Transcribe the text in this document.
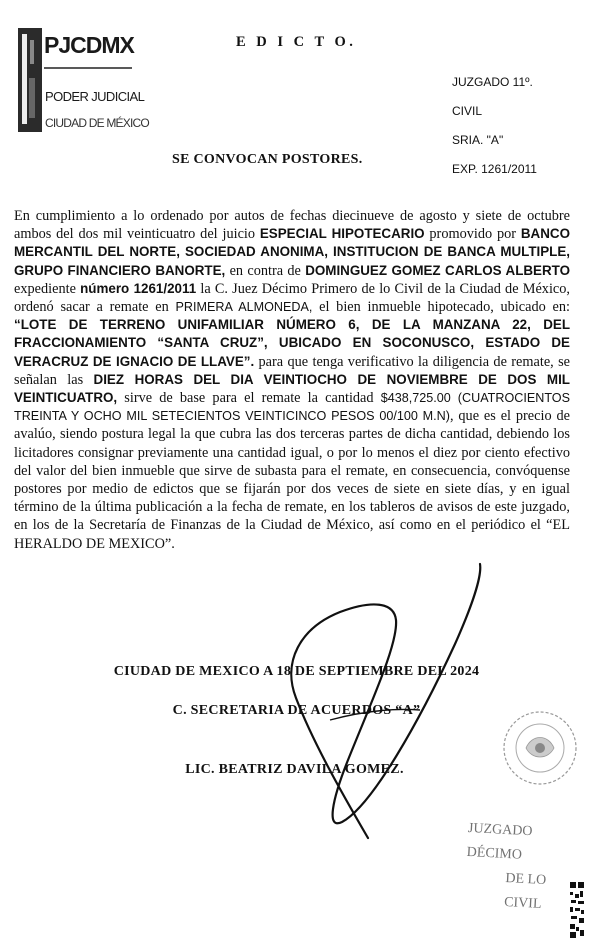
PJCDMX
PODER JUDICIAL
CIUDAD DE MÉXICO
E D I C T O.
JUZGADO 11º.
CIVIL
SRIA. "A"
EXP. 1261/2011
SE CONVOCAN POSTORES.

En cumplimiento a lo ordenado por autos de fechas diecinueve de agosto y siete de octubre ambos del dos mil veinticuatro del juicio ESPECIAL HIPOTECARIO promovido por BANCO MERCANTIL DEL NORTE, SOCIEDAD ANONIMA, INSTITUCION DE BANCA MULTIPLE, GRUPO FINANCIERO BANORTE, en contra de DOMINGUEZ GOMEZ CARLOS ALBERTO expediente número 1261/2011 la C. Juez Décimo Primero de lo Civil de la Ciudad de México, ordenó sacar a remate en PRIMERA ALMONEDA, el bien inmueble hipotecado, ubicado en: “LOTE DE TERRENO UNIFAMILIAR NÚMERO 6, DE LA MANZANA 22, DEL FRACCIONAMIENTO “SANTA CRUZ”, UBICADO EN SOCONUSCO, ESTADO DE VERACRUZ DE IGNACIO DE LLAVE”. para que tenga verificativo la diligencia de remate, se señalan las DIEZ HORAS DEL DIA VEINTIOCHO DE NOVIEMBRE DE DOS MIL VEINTICUATRO, sirve de base para el remate la cantidad $438,725.00 (CUATROCIENTOS TREINTA Y OCHO MIL SETECIENTOS VEINTICINCO PESOS 00/100 M.N), que es el precio de avalúo, siendo postura legal la que cubra las dos terceras partes de dicha cantidad, debiendo los licitadores consignar previamente una cantidad igual, o por lo menos el diez por ciento efectivo del valor del bien inmueble que sirve de subasta para el remate, en consecuencia, convóquense postores por medio de edictos que se fijarán por dos veces de siete en siete días, y en igual término de la última publicación a la fecha de remate, en los tableros de avisos de este juzgado, en los de la Secretaría de Finanzas de la Ciudad de México, así como en el periódico el “EL HERALDO DE MEXICO”.

CIUDAD DE MEXICO A 18 DE SEPTIEMBRE DEL 2024
C. SECRETARIA DE ACUERDOS “A”
LIC. BEATRIZ DAVILA GOMEZ.
JUZGADO DÉCIMO
DE LO CIVIL
